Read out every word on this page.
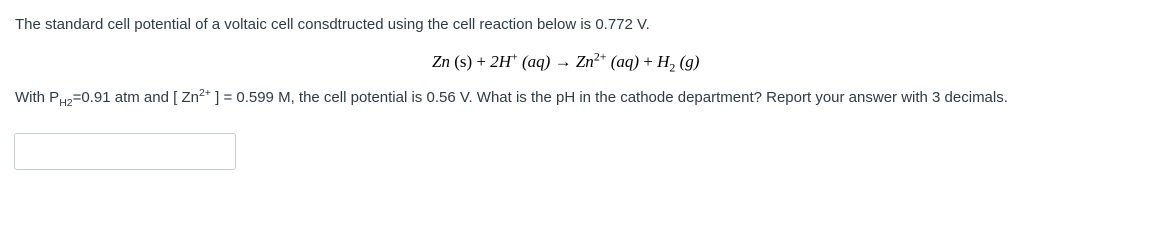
The standard cell potential of a voltaic cell consdtructed using the cell reaction below is 0.772 V.
Zn (s) + 2H+ $(aq) \to Zn^{2+}$ $(aq) + H_2$ (g)
With $P_{H2}=0.91$ atm and [ $Zn^{2+}$ ] = 0.599 M, the cell potential is 0.56 V. What is the pH in the cathode department? Report your answer with 3 decimals.
